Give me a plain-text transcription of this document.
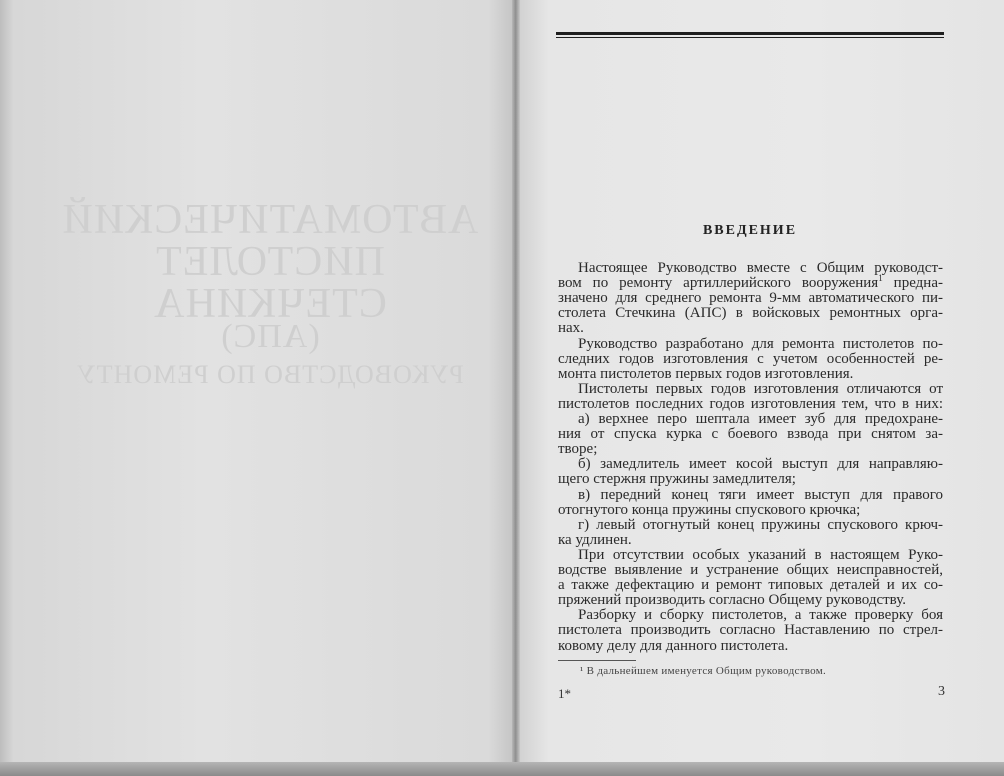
АВТОМАТИЧЕСКИЙ
ПИСТОЛЕТ
СТЕЧКИНА
(АПС)
РУКОВОДСТВО ПО РЕМОНТУ
ВВЕДЕНИЕ
Настоящее Руководство вместе с Общим руководст-
вом по ремонту артиллерийского вооружения$^1$ предна-
значено для среднего ремонта 9-мм автоматического пи-
столета Стечкина (АПС) в войсковых ремонтных орга-
нах.
Руководство разработано для ремонта пистолетов по-
следних годов изготовления с учетом особенностей ре-
монта пистолетов первых годов изготовления.
Пистолеты первых годов изготовления отличаются от
пистолетов последних годов изготовления тем, что в них:
а) верхнее перо шептала имеет зуб для предохране-
ния от спуска курка с боевого взвода при снятом за-
творе;
б) замедлитель имеет косой выступ для направляю-
щего стержня пружины замедлителя;
в) передний конец тяги имеет выступ для правого
отогнутого конца пружины спускового крючка;
г) левый отогнутый конец пружины спускового крюч-
ка удлинен.
При отсутствии особых указаний в настоящем Руко-
водстве выявление и устранение общих неисправностей,
а также дефектацию и ремонт типовых деталей и их со-
пряжений производить согласно Общему руководству.
Разборку и сборку пистолетов, а также проверку боя
пистолета производить согласно Наставлению по стрел-
ковому делу для данного пистолета.
¹ В дальнейшем именуется Общим руководством.
1*	3
